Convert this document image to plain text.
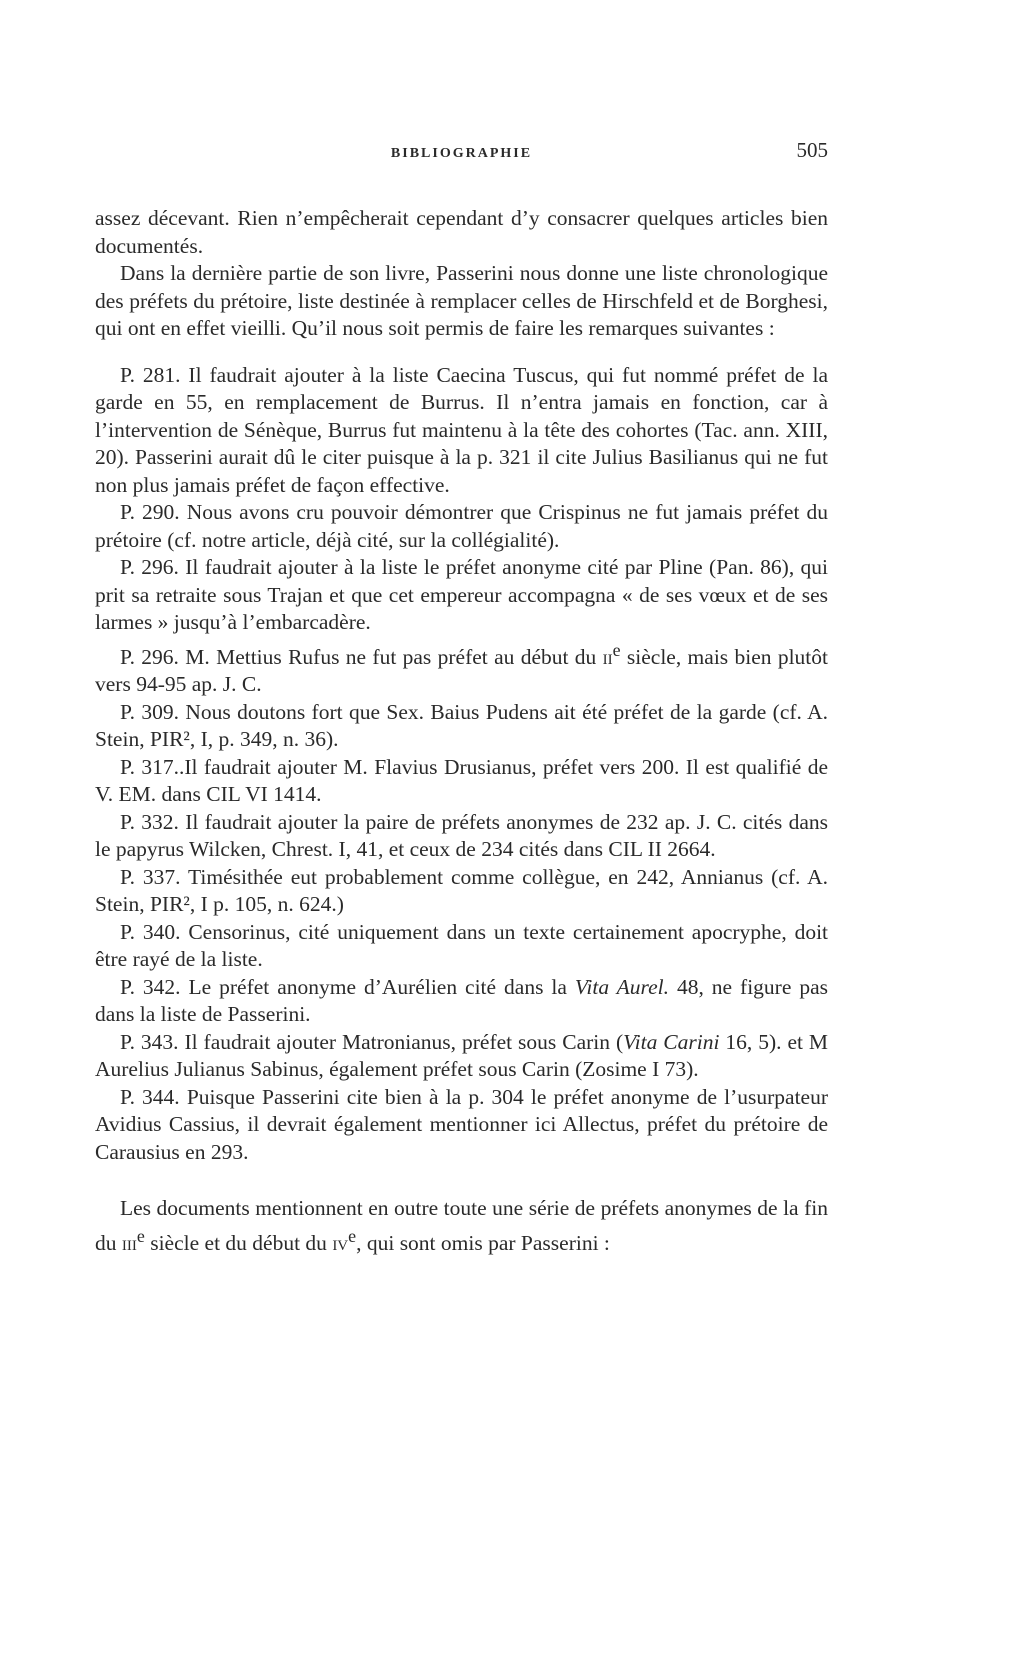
BIBLIOGRAPHIE	505

assez décevant. Rien n’empêcherait cependant d’y consacrer quelques articles bien documentés.

Dans la dernière partie de son livre, Passerini nous donne une liste chronologique des préfets du prétoire, liste destinée à remplacer celles de Hirschfeld et de Borghesi, qui ont en effet vieilli. Qu’il nous soit permis de faire les remarques suivantes :

P. 281. Il faudrait ajouter à la liste Caecina Tuscus, qui fut nommé préfet de la garde en 55, en remplacement de Burrus. Il n’entra jamais en fonction, car à l’intervention de Sénèque, Burrus fut maintenu à la tête des cohortes (Tac. ann. XIII, 20). Passerini aurait dû le citer puisque à la p. 321 il cite Julius Basilianus qui ne fut non plus jamais préfet de façon effective.

P. 290. Nous avons cru pouvoir démontrer que Crispinus ne fut jamais préfet du prétoire (cf. notre article, déjà cité, sur la collégialité).

P. 296. Il faudrait ajouter à la liste le préfet anonyme cité par Pline (Pan. 86), qui prit sa retraite sous Trajan et que cet empereur accompagna « de ses vœux et de ses larmes » jusqu’à l’embarcadère.

P. 296. M. Mettius Rufus ne fut pas préfet au début du $ii^e$ siècle, mais bien plutôt vers 94-95 ap. J. C.

P. 309. Nous doutons fort que Sex. Baius Pudens ait été préfet de la garde (cf. A. Stein, PIR², I, p. 349, n. 36).

P. 317..Il faudrait ajouter M. Flavius Drusianus, préfet vers 200. Il est qualifié de V. EM. dans CIL VI 1414.

P. 332. Il faudrait ajouter la paire de préfets anonymes de 232 ap. J. C. cités dans le papyrus Wilcken, Chrest. I, 41, et ceux de 234 cités dans CIL II 2664.

P. 337. Timésithée eut probablement comme collègue, en 242, Annianus (cf. A. Stein, PIR², I p. 105, n. 624.)

P. 340. Censorinus, cité uniquement dans un texte certainement apocryphe, doit être rayé de la liste.

P. 342. Le préfet anonyme d’Aurélien cité dans la Vita Aurel. 48, ne figure pas dans la liste de Passerini.

P. 343. Il faudrait ajouter Matronianus, préfet sous Carin (Vita Carini 16, 5). et M Aurelius Julianus Sabinus, également préfet sous Carin (Zosime I 73).

P. 344. Puisque Passerini cite bien à la p. 304 le préfet anonyme de l’usurpateur Avidius Cassius, il devrait également mentionner ici Allectus, préfet du prétoire de Carausius en 293.

Les documents mentionnent en outre toute une série de préfets anonymes de la fin du iii$^e$ siècle et du début du $iv^e$, qui sont omis par Passerini :
